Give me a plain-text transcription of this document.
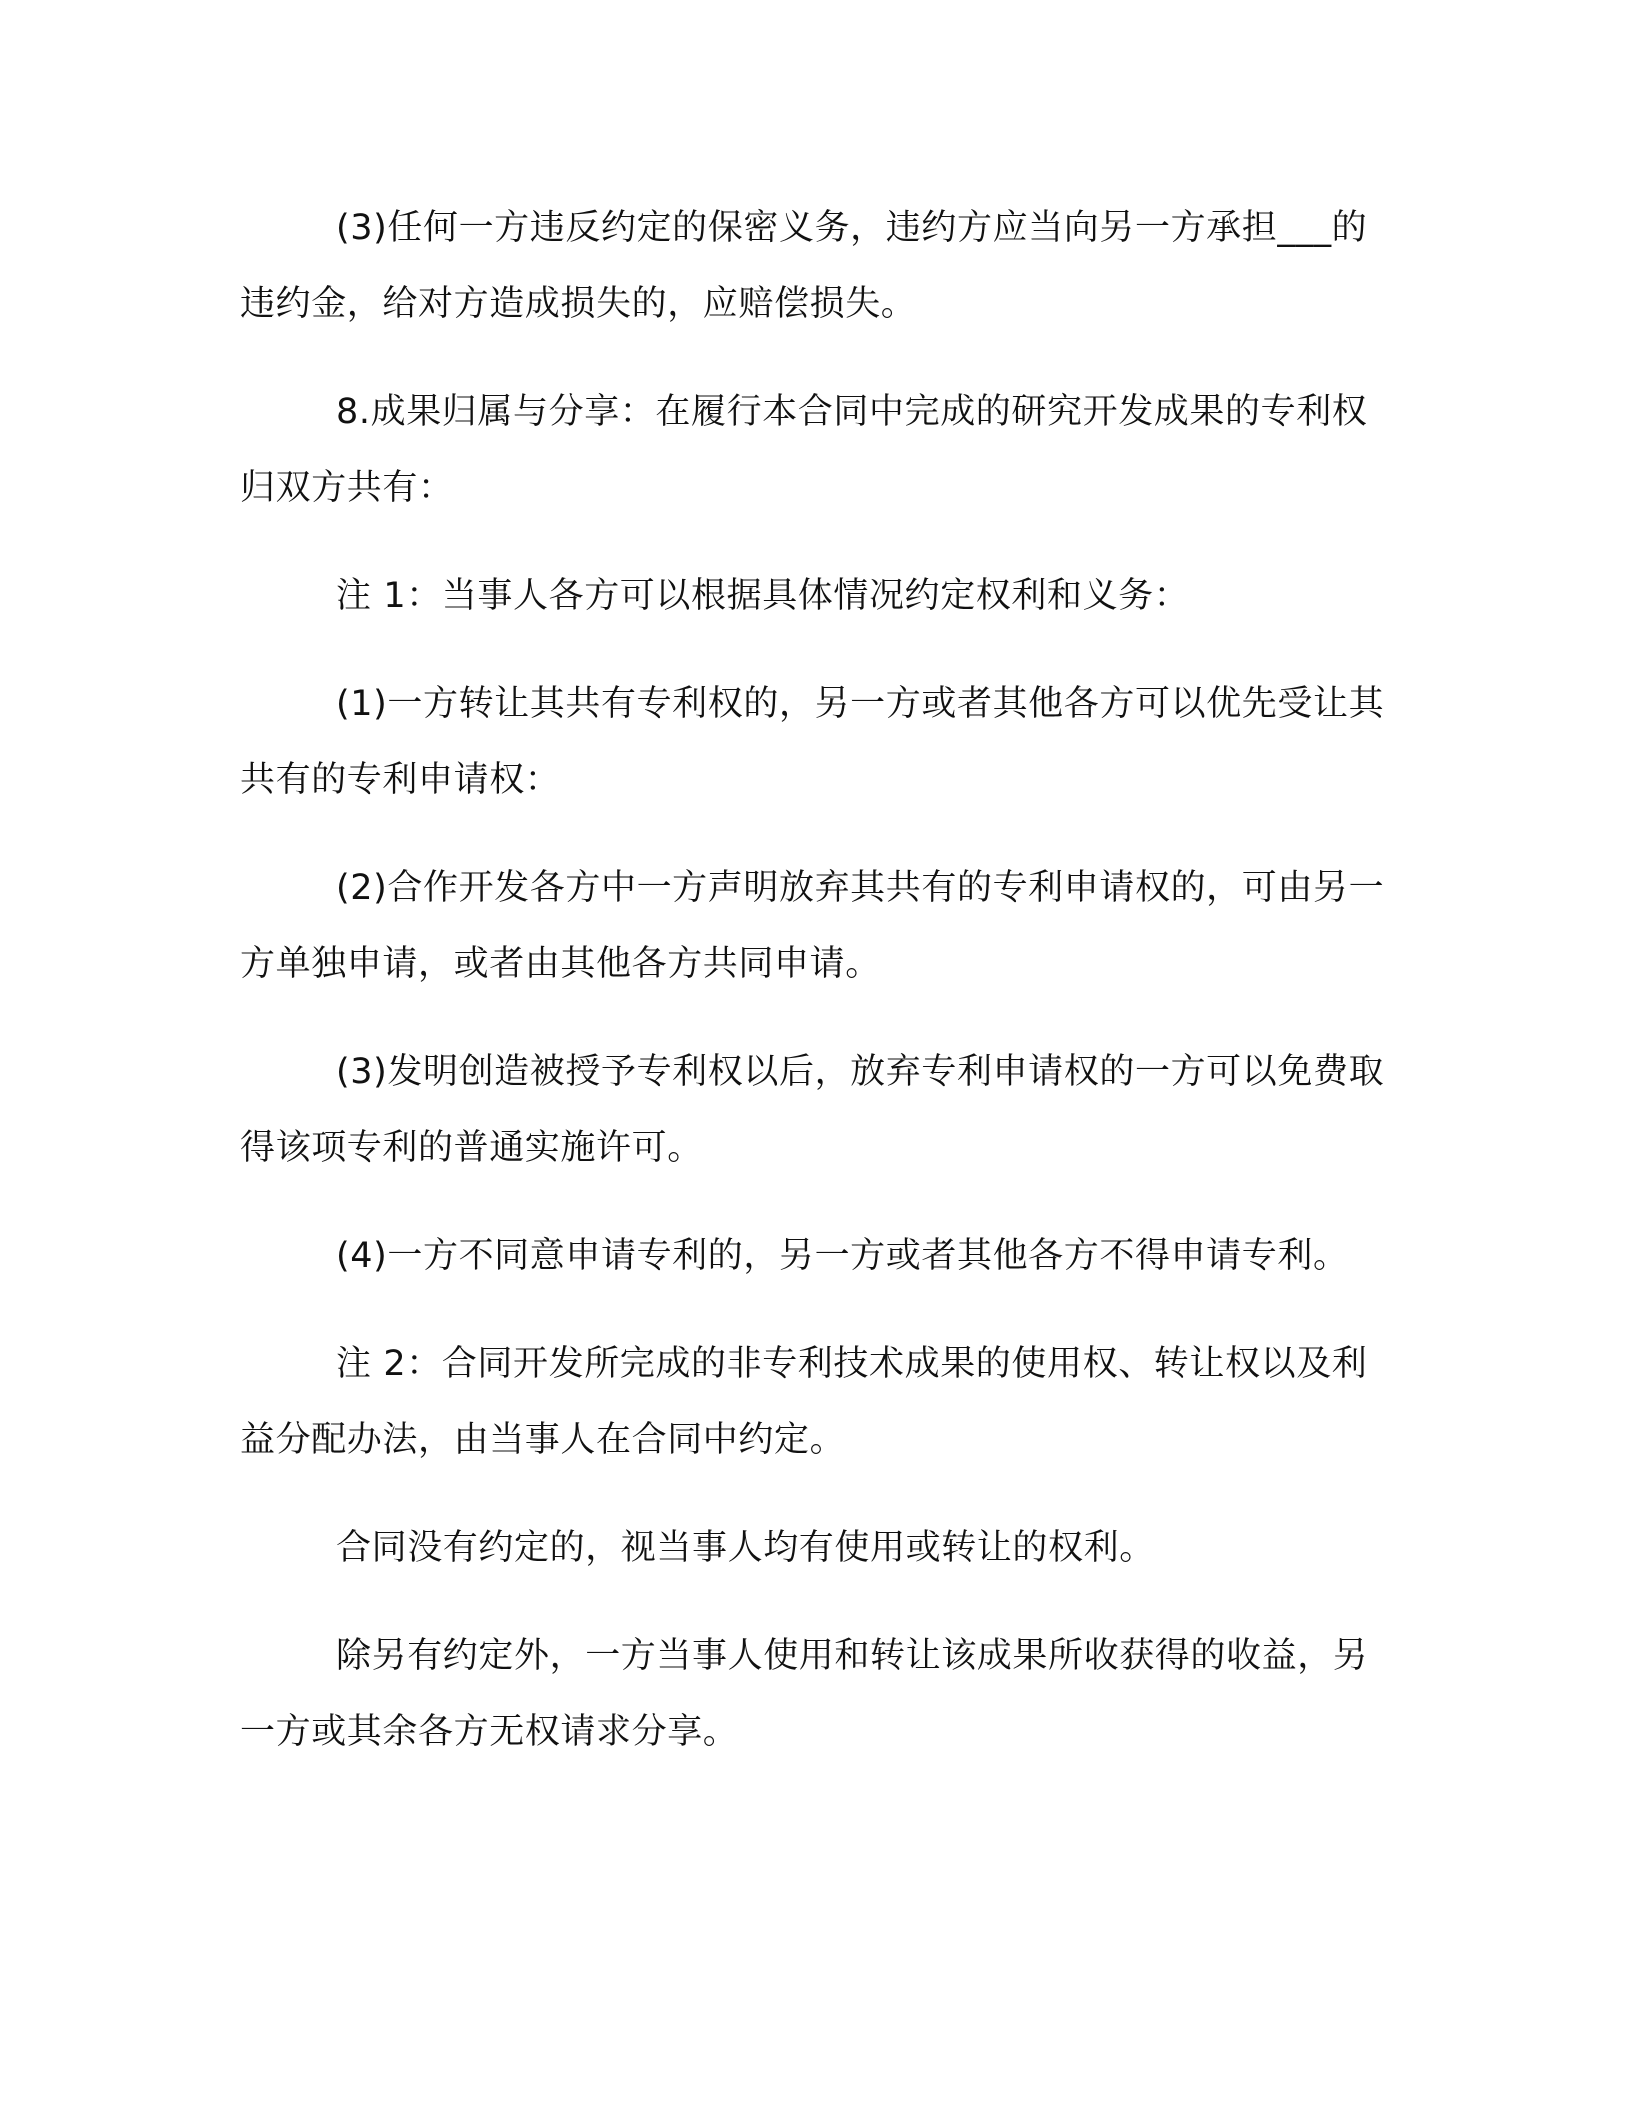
(3)任何一方违反约定的保密义务，违约方应当向另一方承担___的违约金，给对方造成损失的，应赔偿损失。

8.成果归属与分享：在履行本合同中完成的研究开发成果的专利权归双方共有：

注 1：当事人各方可以根据具体情况约定权利和义务：

(1)一方转让其共有专利权的，另一方或者其他各方可以优先受让其共有的专利申请权：

(2)合作开发各方中一方声明放弃其共有的专利申请权的，可由另一方单独申请，或者由其他各方共同申请。

(3)发明创造被授予专利权以后，放弃专利申请权的一方可以免费取得该项专利的普通实施许可。

(4)一方不同意申请专利的，另一方或者其他各方不得申请专利。

注 2：合同开发所完成的非专利技术成果的使用权、转让权以及利益分配办法，由当事人在合同中约定。

合同没有约定的，视当事人均有使用或转让的权利。

除另有约定外，一方当事人使用和转让该成果所收获得的收益，另一方或其余各方无权请求分享。
